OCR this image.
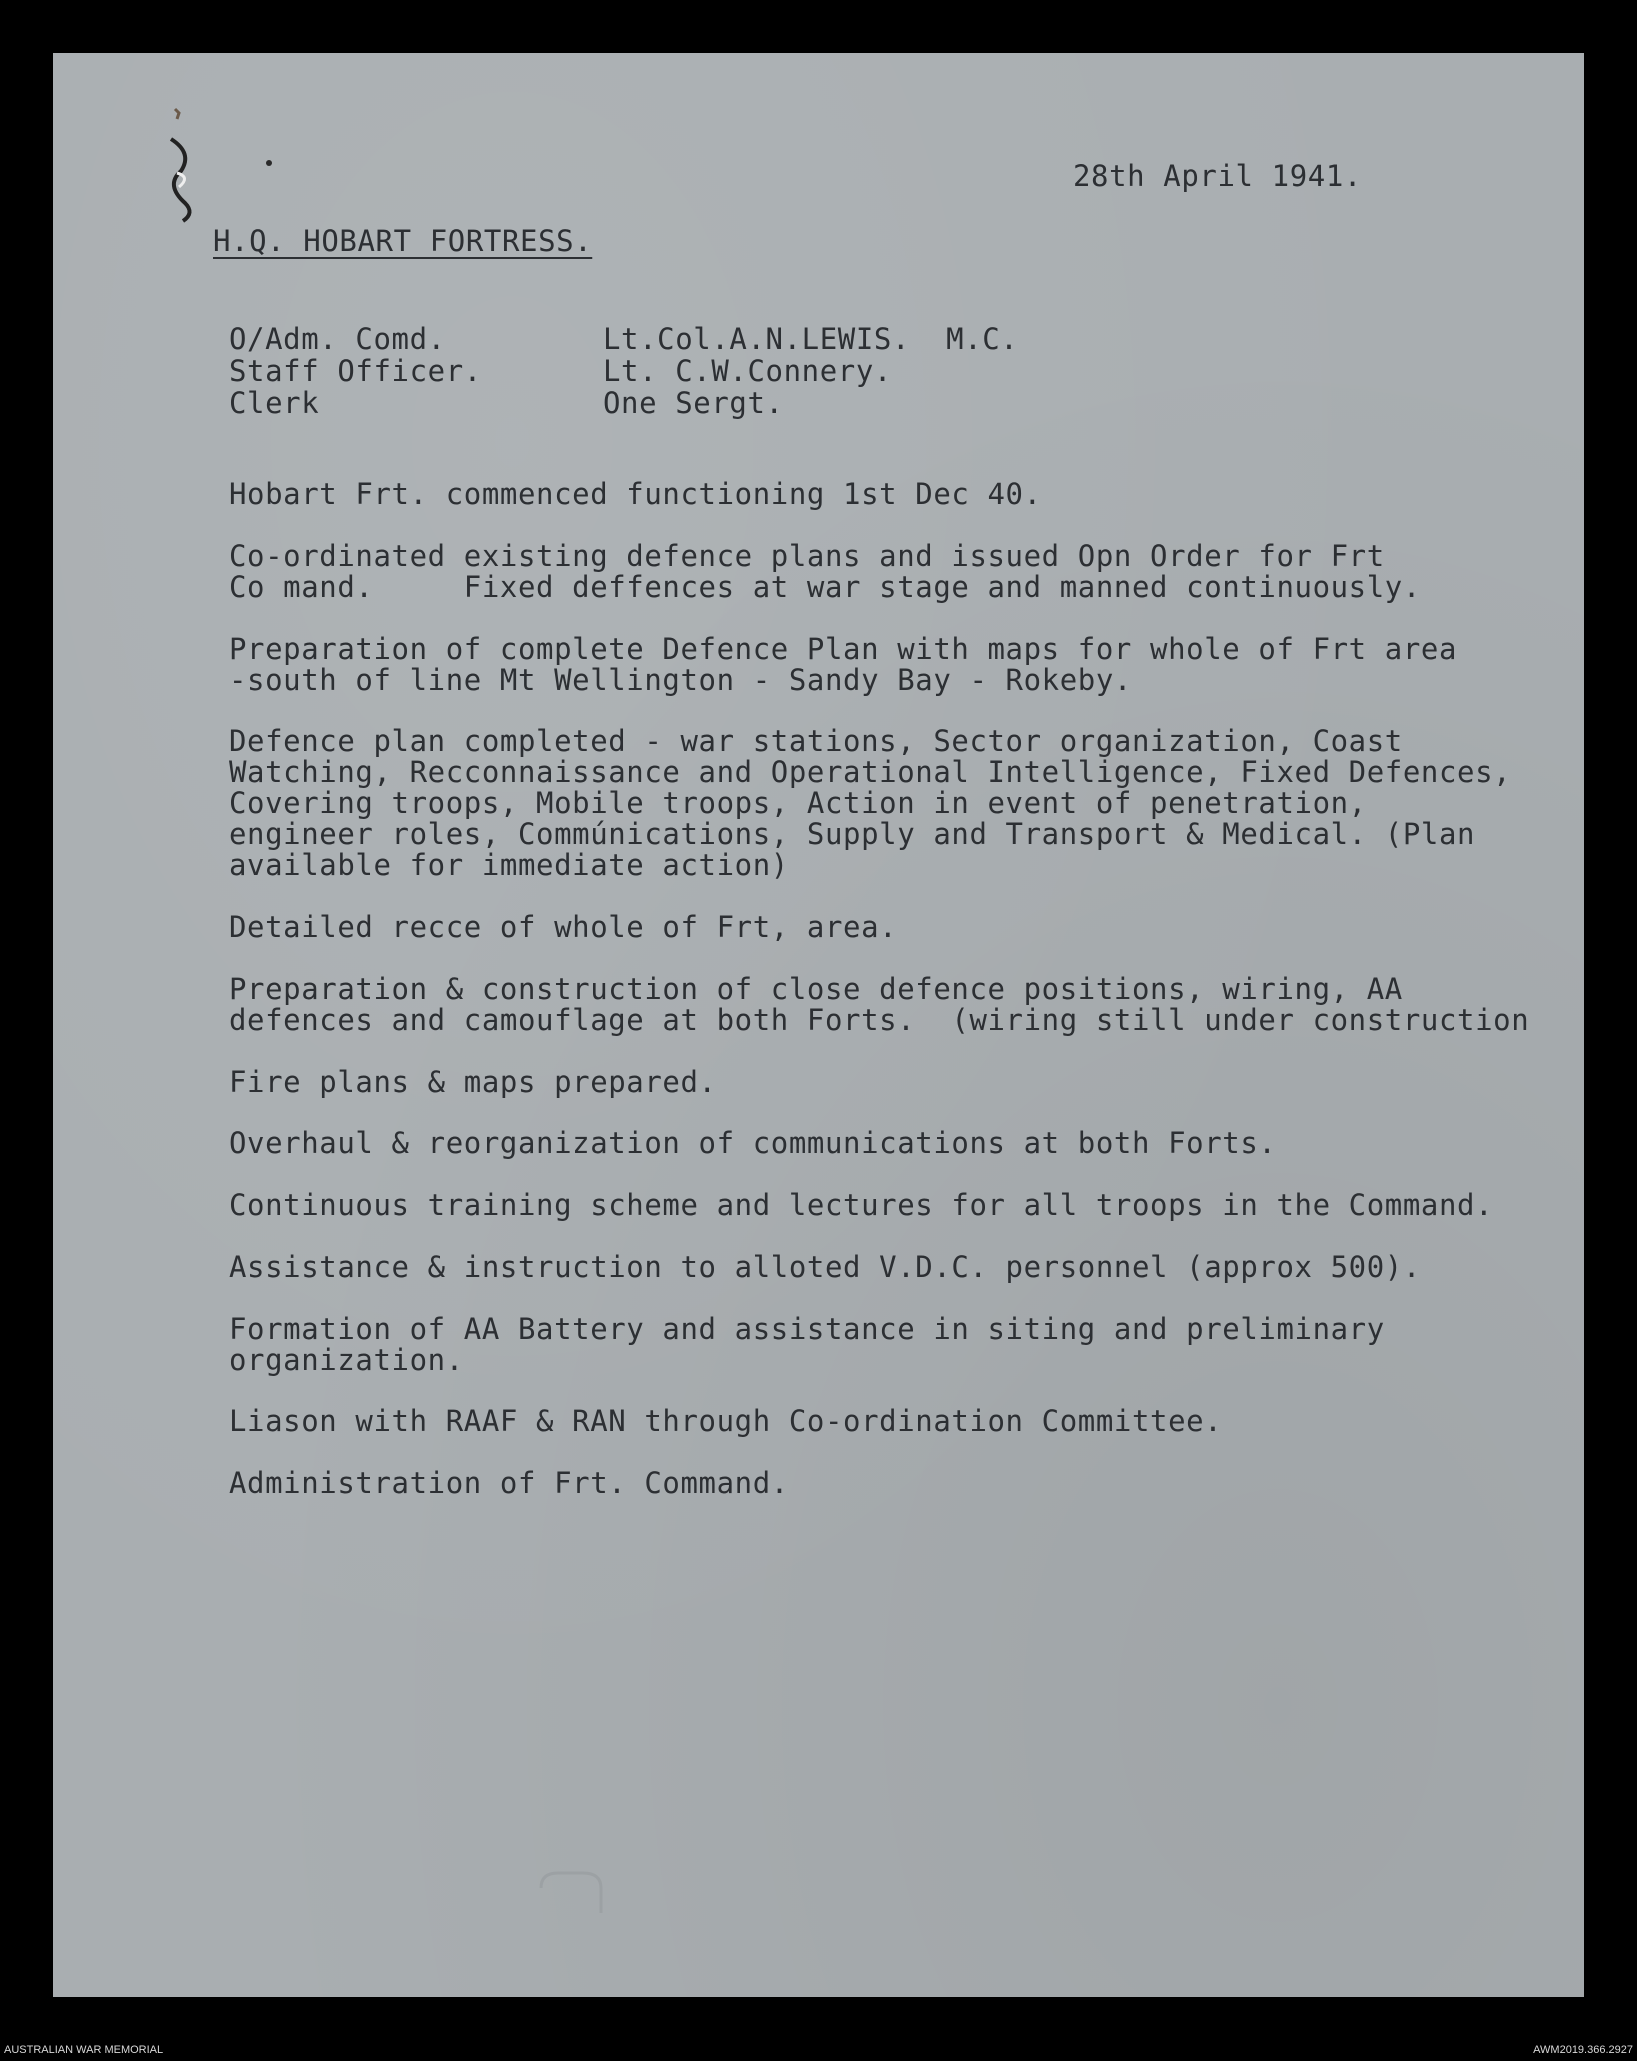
28th April 1941.
H.Q. HOBART FORTRESS.
O/Adm. Comd.	Lt.Col.A.N.LEWIS.  M.C.
Staff Officer.	Lt. C.W.Connery.
Clerk	One Sergt.
Hobart Frt. commenced functioning 1st Dec 40.
Co-ordinated existing defence plans and issued Opn Order for Frt
Co mand.     Fixed deffences at war stage and manned continuously.
Preparation of complete Defence Plan with maps for whole of Frt area
-south of line Mt Wellington - Sandy Bay - Rokeby.
Defence plan completed - war stations, Sector organization, Coast
Watching, Recconnaissance and Operational Intelligence, Fixed Defences,
Covering troops, Mobile troops, Action in event of penetration,
engineer roles, Commúnications, Supply and Transport & Medical. (Plan
available for immediate action)
Detailed recce of whole of Frt, area.
Preparation & construction of close defence positions, wiring, AA
defences and camouflage at both Forts.  (wiring still under construction
Fire plans & maps prepared.
Overhaul & reorganization of communications at both Forts.
Continuous training scheme and lectures for all troops in the Command.
Assistance & instruction to alloted V.D.C. personnel (approx 500).
Formation of AA Battery and assistance in siting and preliminary
organization.
Liason with RAAF & RAN through Co-ordination Committee.
Administration of Frt. Command.
AUSTRALIAN WAR MEMORIAL	AWM2019.366.2927
